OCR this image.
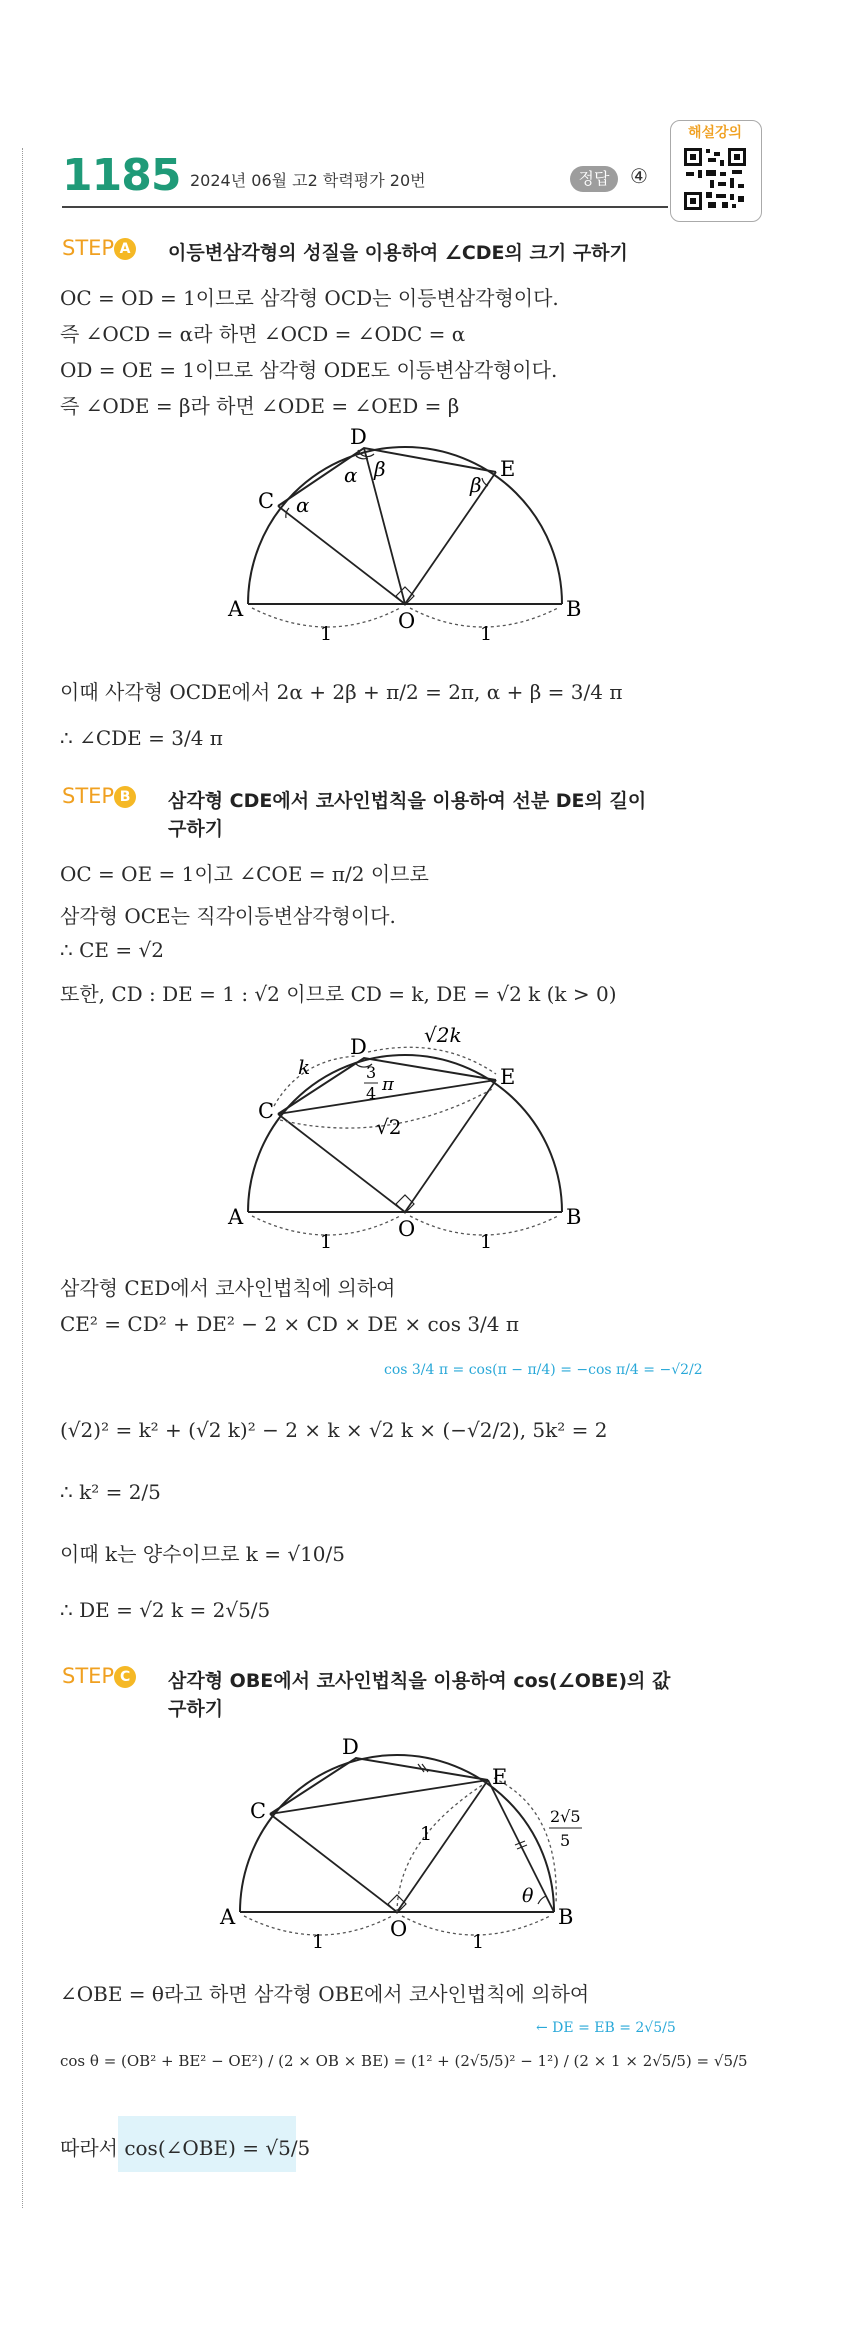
1185 2024년 06월 고2 학력평가 20번	정답	④
해설강의
STEP A 이등변삼각형의 성질을 이용하여 ∠CDE의 크기 구하기
OC = OD = 1이므로 삼각형 OCD는 이등변삼각형이다.
즉 ∠OCD = α라 하면 ∠OCD = ∠ODC = α
OD = OE = 1이므로 삼각형 ODE도 이등변삼각형이다.
즉 ∠ODE = β라 하면 ∠ODE = ∠OED = β
A	B
C
D
E
O
α
α β
β
1	1
A	B
C
D
E
O
k
√2k
3
4 π
√2
1	1
A	B
C
D
E
O
1
θ
2√5
5
1	1
이때 사각형 OCDE에서 2α + 2β + π/2 = 2π, α + β = 3/4 π
∴ ∠CDE = 3/4 π
STEP B 삼각형 CDE에서 코사인법칙을 이용하여 선분 DE의 길이
구하기
OC = OE = 1이고 ∠COE = π/2 이므로
삼각형 OCE는 직각이등변삼각형이다.
∴ CE = √2
또한, CD : DE = 1 : √2 이므로 CD = k, DE = √2 k (k > 0)
삼각형 CED에서 코사인법칙에 의하여
CE² = CD² + DE² − 2 × CD × DE × cos 3/4 π
cos 3/4 π = cos(π − π/4) = −cos π/4 = −√2/2
(√2)² = k² + (√2 k)² − 2 × k × √2 k × (−√2/2), 5k² = 2
∴ k² = 2/5
이때 k는 양수이므로 k = √10/5
∴ DE = √2 k = 2√5/5
STEP C	삼각형 OBE에서 코사인법칙을 이용하여 cos(∠OBE)의 값
구하기
∠OBE = θ라고 하면 삼각형 OBE에서 코사인법칙에 의하여
cos θ = (OB² + BE² − OE²) / (2 × OB × BE) = (1² + (2√5/5)² − 1²) / (2 × 1 × 2√5/5) = √5/5
← DE = EB = 2√5/5
따라서 cos(∠OBE) = √5/5
